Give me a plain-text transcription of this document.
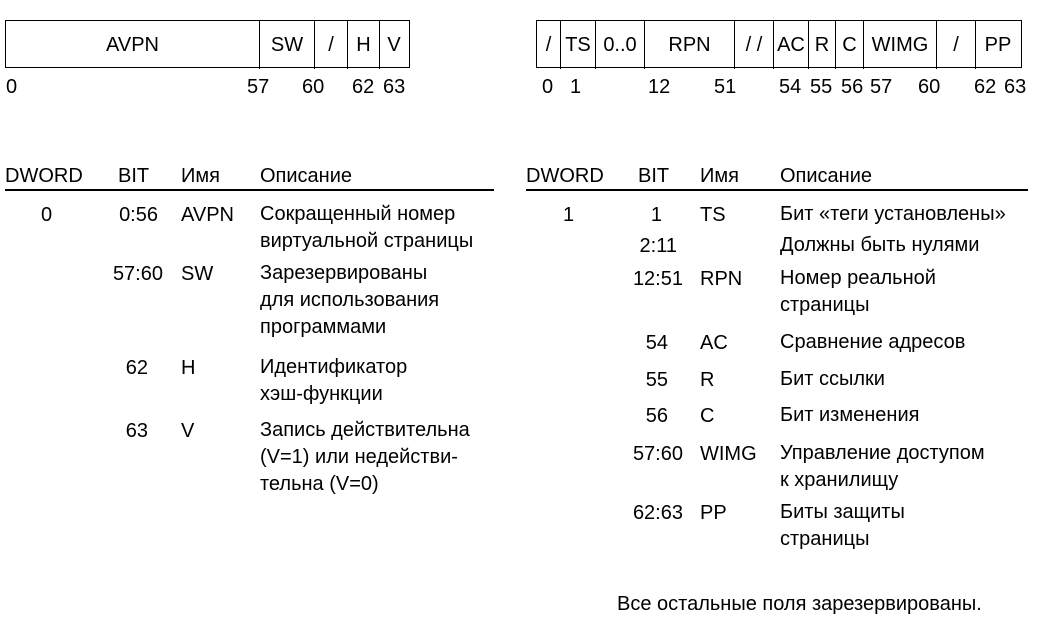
AVPN	SW / H V
0	57 60 62 63
/ TS 0..0 RPN / / AC R C WIMG / PP
0 1	12 51 54 55 56 57 60 62 63
DWORD BIT Имя Описание
0	0:56 AVPN Сокращенный номер
виртуальной страницы
57:60 SW Зарезервированы
для использования
программами
62 H	Идентификатор
хэш-функции
63 V	Запись действительна
(V=1) или недействи-
тельна (V=0)
DWORD BIT Имя Описание
1	1 TS	Бит «теги установлены»
2:11	Должны быть нулями
12:51 RPN Номер реальной
страницы
54 AC	Сравнение адресов
55 R	Бит ссылки
56 C	Бит изменения
57:60 WIMG Управление доступом
к хранилищу
62:63 PP	Биты защиты
страницы
Все остальные поля зарезервированы.
